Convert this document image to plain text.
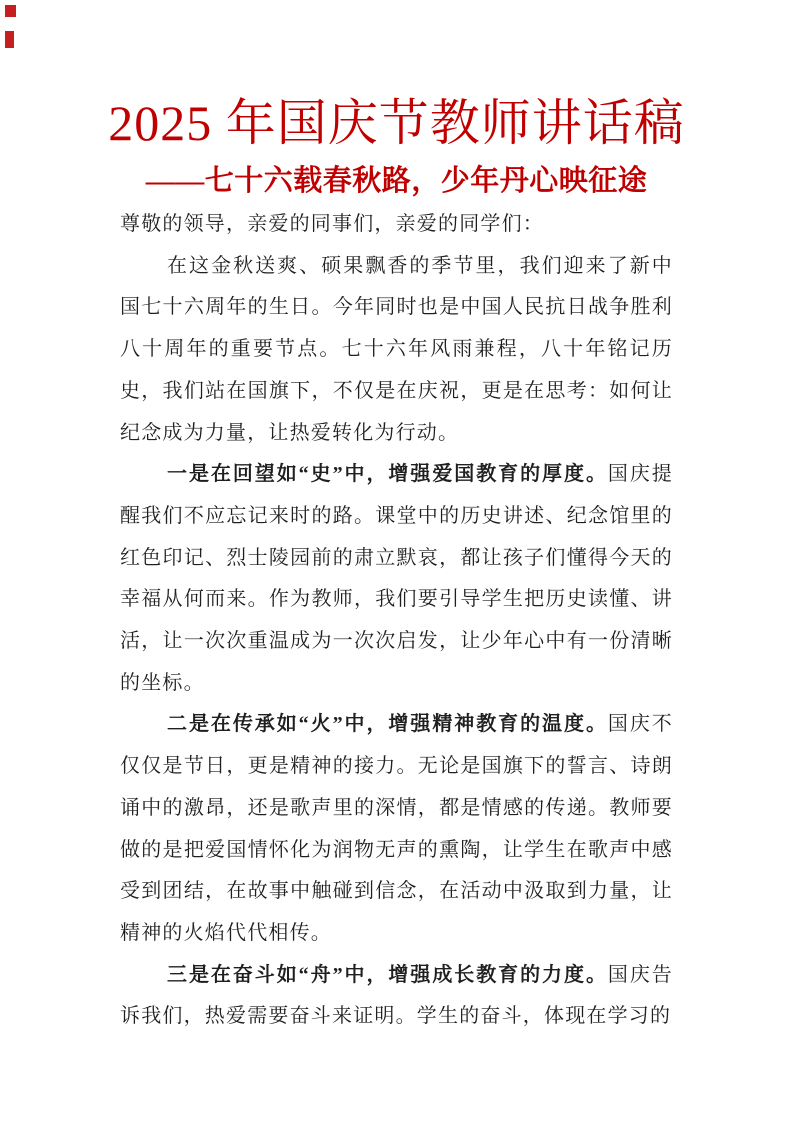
2025 年国庆节教师讲话稿
——七十六载春秋路，少年丹心映征途

尊敬的领导，亲爱的同事们，亲爱的同学们：

在这金秋送爽、硕果飘香的季节里，我们迎来了新中国七十六周年的生日。今年同时也是中国人民抗日战争胜利八十周年的重要节点。七十六年风雨兼程，八十年铭记历史，我们站在国旗下，不仅是在庆祝，更是在思考：如何让纪念成为力量，让热爱转化为行动。

一是在回望如“史”中，增强爱国教育的厚度。国庆提醒我们不应忘记来时的路。课堂中的历史讲述、纪念馆里的红色印记、烈士陵园前的肃立默哀，都让孩子们懂得今天的幸福从何而来。作为教师，我们要引导学生把历史读懂、讲活，让一次次重温成为一次次启发，让少年心中有一份清晰的坐标。

二是在传承如“火”中，增强精神教育的温度。国庆不仅仅是节日，更是精神的接力。无论是国旗下的誓言、诗朗诵中的激昂，还是歌声里的深情，都是情感的传递。教师要做的是把爱国情怀化为润物无声的熏陶，让学生在歌声中感受到团结，在故事中触碰到信念，在活动中汲取到力量，让精神的火焰代代相传。

三是在奋斗如“舟”中，增强成长教育的力度。国庆告诉我们，热爱需要奋斗来证明。学生的奋斗，体现在学习的
